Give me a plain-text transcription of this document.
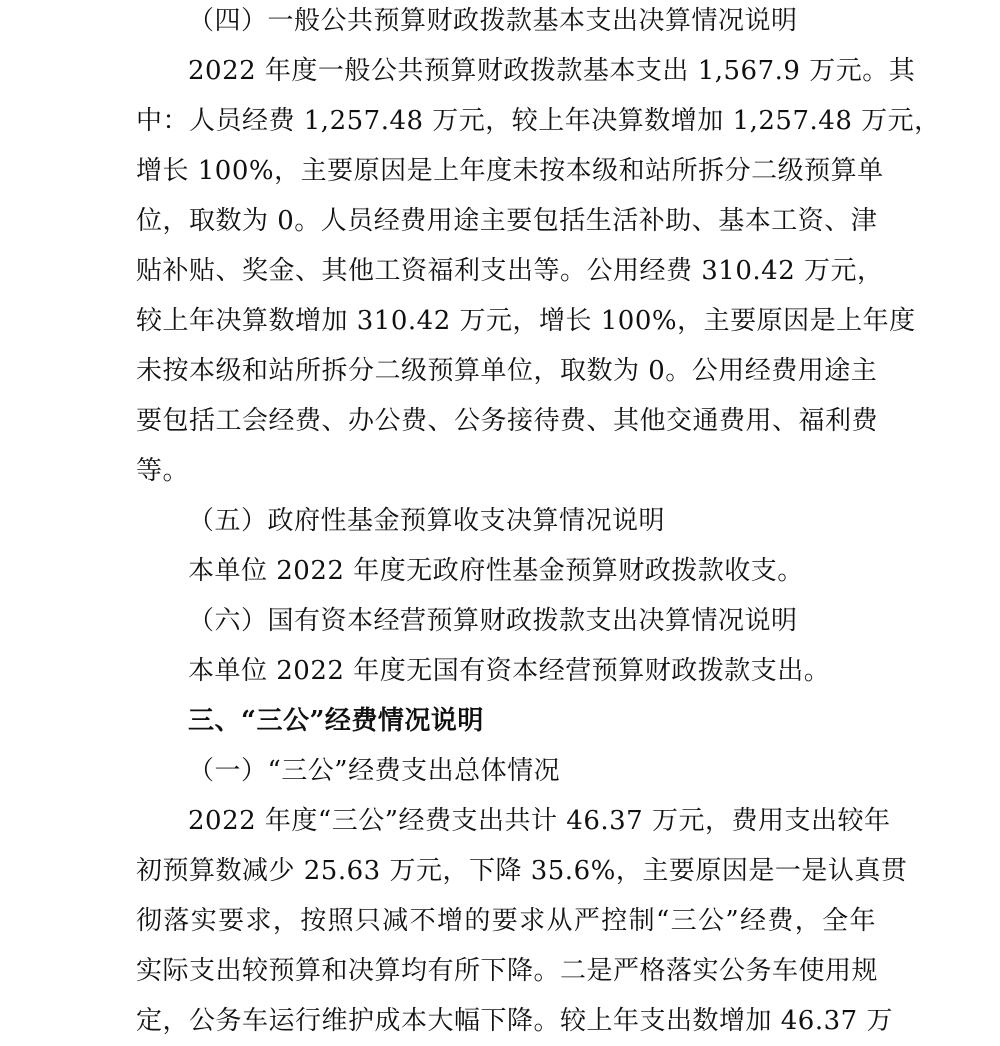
（四）一般公共预算财政拨款基本支出决算情况说明
2022 年度一般公共预算财政拨款基本支出 1,567.9 万元。其
中：人员经费 1,257.48 万元，较上年决算数增加 1,257.48 万元，
增长 100%，主要原因是上年度未按本级和站所拆分二级预算单
位，取数为 0。人员经费用途主要包括生活补助、基本工资、津
贴补贴、奖金、其他工资福利支出等。公用经费 310.42 万元，
较上年决算数增加 310.42 万元，增长 100%，主要原因是上年度
未按本级和站所拆分二级预算单位，取数为 0。公用经费用途主
要包括工会经费、办公费、公务接待费、其他交通费用、福利费
等。
（五）政府性基金预算收支决算情况说明
本单位 2022 年度无政府性基金预算财政拨款收支。
（六）国有资本经营预算财政拨款支出决算情况说明
本单位 2022 年度无国有资本经营预算财政拨款支出。
三、“三公”经费情况说明
（一）“三公”经费支出总体情况
2022 年度“三公”经费支出共计 46.37 万元，费用支出较年
初预算数减少 25.63 万元，下降 35.6%，主要原因是一是认真贯
彻落实要求，按照只减不增的要求从严控制“三公”经费，全年
实际支出较预算和决算均有所下降。二是严格落实公务车使用规
定，公务车运行维护成本大幅下降。较上年支出数增加 46.37 万
